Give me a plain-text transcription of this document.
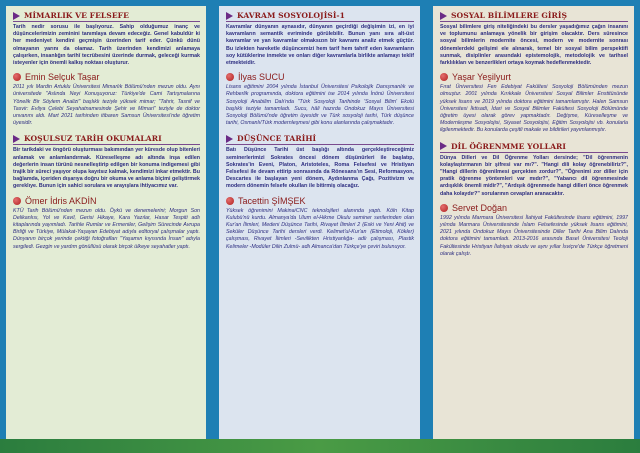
MİMARLIK VE FELSEFE

Tarih nedir sorusu ile başlıyoruz. Sahip olduğumuz inanç ve düşüncelerimizin zeminini tanımlaya devam edeceğiz. Genel kabuldür ki her medeniyet kendini geçmişin üzerinden tarif eder. Çünkü dünü olmayanın yarını da olamaz. Tarih üzerinden kendimizi anlamaya çalışırken, insanlığın tarihî tecrübesini üzerinde durmak, geleceği kurmak isteyenler için önemli kalkış noktası oluşturur.

Emin Selçuk Taşar

2011 yılı Mardin Artuklu Üniversitesi Mimarlık Bölümü'nden mezun oldu. Aynı üniversitede "Aslında Neyi Konuşuyoruz: Türkiye'de Cami Tartışmalarına Yönelik Bir Söylem Analizi" başlıklı teziyle yüksek mimar; "Tahrir, Tasnif ve Tasvir: Evliya Çelebi Seyahatnamesinde Şehir ve Mimari" teziyle de doktor unvanını aldı. Mart 2021 tarihinden itibaren Samsun Üniversitesi'nde öğretim üyesidir.

KOŞULSUZ TARİH OKUMALARI

Bir tarikdaki ve öngörü oluşturması bakımından yer küresde olup bitenleri anlamak ve anlamlandırmak. Küreselleşme adı altında inşa edilen değerlerin insan türünü nesnelleştirip edilgen bir konuma indigemesi gibi trajik bir süreci yaşıyor olupa kayıtsız kalmak, kendimizi inkar etmektir. Bu bağlamda, içeriden dışarıya doğru bir okuma ve anlama biçimi geliştirmek gereklıye. Bunun için sahici sorulara ve arayışlara ihtiyacımız var.

Ömer İdris AKDİN

KTÜ Tarih Bölümü'nden mezun oldu. Öykü ve denemelerini; Morgun Son Delikanlısı, Yol ve Kavil, Gerisi Hikaye, Kara Yazılar, Hasar Tespiti adlı kitaplarında yayımladı. Tarihle Rumlar ve Ermeniler, Gelişim Sürecinde Avrupa Birliği ve Türkiye, Mülakat-Yaşayan Edebiyat adıyla editoryal çalışmalar yaptı. Dünyanın birçok yerinde çektiği fotoğrafları "Yaşamın kıyısında İnsan" adıyla sergiledi. Gezgin ve yardım gönüllüsü olarak birçok ülkeye seyahatler yaptı.

KAVRAM SOSYOLOJİSİ-1

Kavramlar dünyanın aynasıdır, dünyanın geçirdiği değişimin izi, en iyi kavramların semantik evriminde görülebilir. Bunun yanı sıra alt-üst kavramlar ve yan kavramlar olmaksızın bir kavramı analiz etmek güçtür. Bu izlekten hareketle düşüncemizi hem tarif hem tahrif eden kavramların soy kütüklerine inmekte ve onları diğer kavramlarla birlikte anlamayı teklif etmekteidir.

İlyas SUCU

Lisans eğitimini 2004 yılında İstanbul Üniversitesi Psikolojik Danışmanlık ve Rehberlik programında, doktora eğitimini ise 2014 yılında İnönü Üniversitesi Sosyoloji Anabilim Dalı'nda "Türk Sosyoloji Tarihinde 'Sosyal Bilim' Ekolü başlıklı teziyle tamamladı. Sucu, hâli hazırda Ondokuz Mayıs Üniversitesi Sosyoloji Bölümü'nde öğretim üyesidir ve Türk sosyoloji tarihi, Türk düşünce tarihi, Osmanlı/Türk modernleşmesi gibi konu alanlarında çalışmaktadır.

DÜŞÜNCE TARİHİ

Batı Düşünce Tarihi üst başlığı altında gerçekleştireceğimiz seminerlerimizi Sokrates öncesi dönem düşünürleri ile başlatıp, Sokrates'in Eveni, Platon, Aristoteles, Roma Felsefesi ve Hristiyan Felsefesi ile devam ettirip sonrasında da Rönesans'ın Sesi, Reformasyon, Descartes ile başlayan yeni dönem, Aydınlanma Çağı, Pozitivizm ve modern dönemin felsefe okulları ile bitirmiş olacağız.

Tacettin ŞİMŞEK

Yüksek öğrenimini Makina/CNC teknolojileri alanında yaptı. Köln Kitap Kulubü'nü kurdu. Almanya'da Ulum el-Hikme Okulu seminer serilerinden olan Kur'an İlimleri, Medeni Düşünce Tarihi, Rivayet İlimleri 2 (Eski ve Yeni Ahit) ve Seküler Düşünce Tarihi dersleri verdi. Kelimet'ul-Kur'an (Etimoloji, Kökler) çalışması, Rivayet İlimleri -Sevilikten Hristiyanlığa- adlı çalışması, Plastik Kelimeler -Modüler Dilin Zulmü- adlı Almanca'dan Türkçe'ye çeviri bulunuyor.

SOSYAL BİLİMLERE GİRİŞ

Sosyal bilimlere giriş niteliğindeki bu dersler yaşadığımız çağın insanını ve toplumunu anlamaya yönelik bir girişim olacaktır. Ders süresince sosyal bilimlerin modernite öncesi, modern ve modernite sonrası dönemlerdeki gelişimi ele alınarak, temel bir sosyal bilim perspektifi sunmak, disiplinler arasındaki epistemolojik, metodolojik ve tarihsel farklılıkları ve benzerlikleri ortaya koymak hedeflenmektedir.

Yaşar Yeşilyurt

Fırat Üniversitesi Fen Edebiyat Fakültesi Sosyoloji Bölümünden mezun olmuştur. 2001 yılında Kırıkkale Üniversitesi Sosyal Bilimler Enstitüsünde yüksek lisans ve 2019 yılında doktora eğitimini tamamlamıştır. Halen Samsun Üniversitesi İktisadi, İdari ve Sosyal Bilimler Fakültesi Sosyoloji Bölümünde öğretim üyesi olarak görev yapmaktadır. Değişme, Küreselleşme ve Modernleşme Sosyolojisi, Siyaset Sosyolojisi, Eğitim Sosyolojisi vb. konularla ilgilenmektedir. Bu konularda çeşitli makale ve bildirileri yayımlanmıştır.

DİL ÖĞRENMME YOLLARI

Dünya Dilleri ve Dil Öğrenme Yolları dersinde; "Dil öğrenmenin kolaylaştırmanın bir şifresi var mı?". "Hangi dili kolay öğrenebiliriz?", "Hangi dillerin öğrenilmesi gerçekten zordur?", "Öğrenimi zor diller için pratik öğrenme yöntemleri var mıdır?", "Yabancı dil öğrenmesinde ardışıklık önemli midir?", "Ardışık öğrenmede hangi dilleri önce öğrenmek daha kolaydır?" sorularının cevapları aranacaktır.

Servet Doğan

1992 yılında Marmara Üniversitesi İlahiyat Fakültesinde lisans eğitimini, 1997 yılında Marmara Üniversitesinde İslam Felsefesinde yüksek lisans eğitimini, 2021 yılında Ondokuz Mayıs Üniversitesinde Diller Tarihi Ana Bilim Dalında doktora eğitimini tamamladı. 2013-2016 arasında Basel Üniversitesi Teoloji Fakültesinde Hristiyan İlahiyatı okudu ve aynı yıllar İsviçre'de Türkçe öğretmeni olarak çalıştı.
